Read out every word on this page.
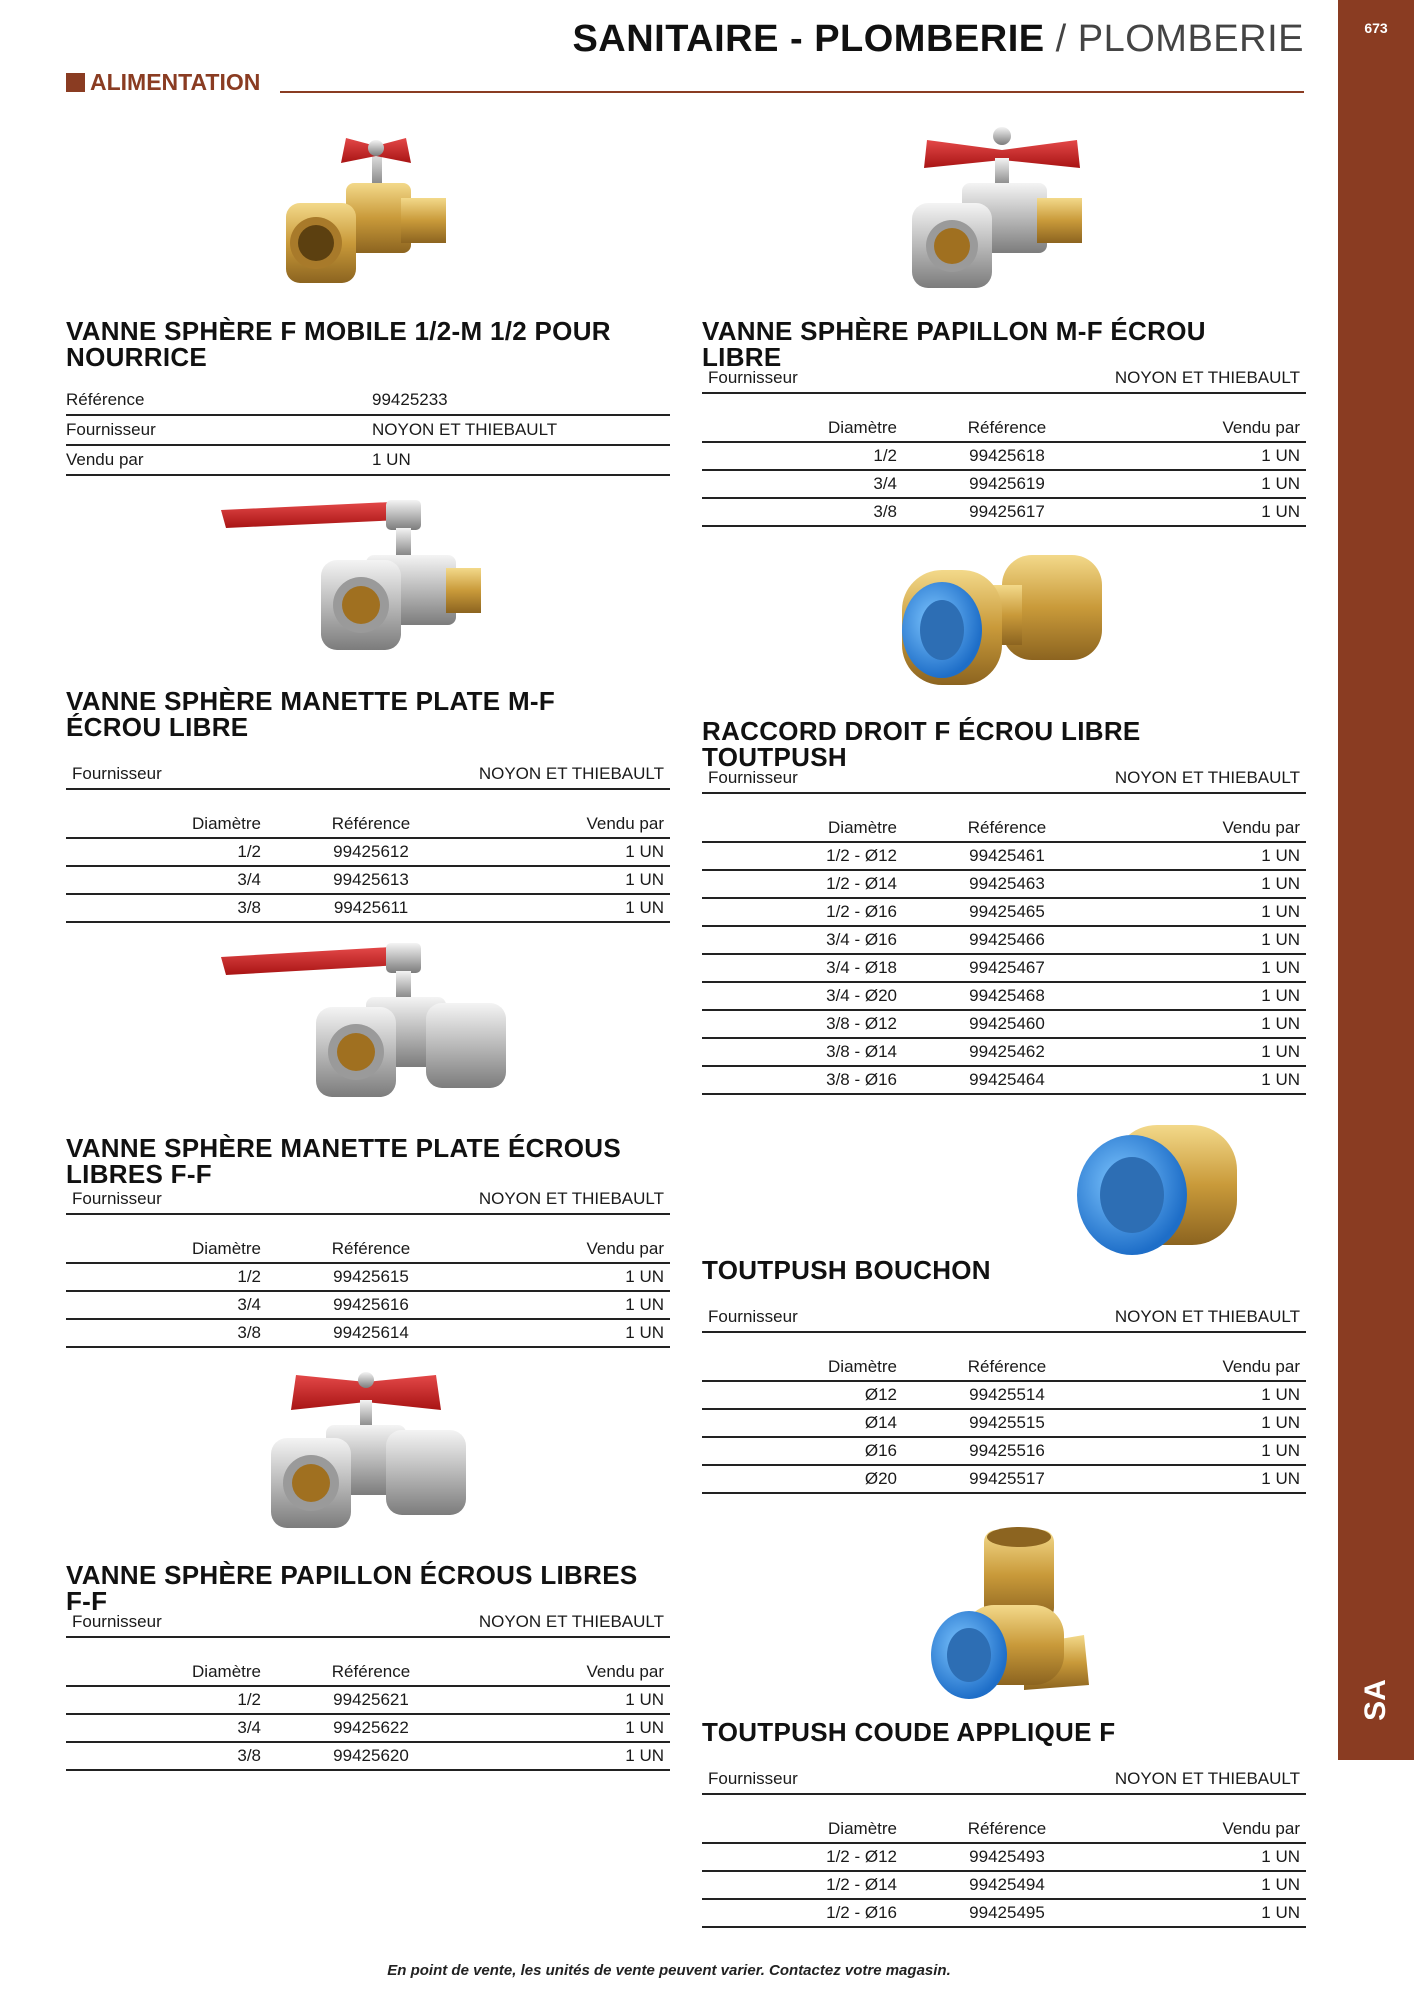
673
SA
SANITAIRE - PLOMBERIE / PLOMBERIE
ALIMENTATION
VANNE SPHÈRE F MOBILE 1/2-M 1/2 POUR NOURRICE
Référence	99425233
Fournisseur	NOYON ET THIEBAULT
Vendu par	1 UN
VANNE SPHÈRE MANETTE PLATE M-F ÉCROU LIBRE
Fournisseur	NOYON ET THIEBAULT
Diamètre	Référence	Vendu par
1/2	99425612	1 UN
3/4	99425613	1 UN
3/8	99425611	1 UN
VANNE SPHÈRE MANETTE PLATE ÉCROUS LIBRES F-F
Fournisseur	NOYON ET THIEBAULT
Diamètre	Référence	Vendu par
1/2	99425615	1 UN
3/4	99425616	1 UN
3/8	99425614	1 UN
VANNE SPHÈRE PAPILLON ÉCROUS LIBRES F-F
Fournisseur	NOYON ET THIEBAULT
Diamètre	Référence	Vendu par
1/2	99425621	1 UN
3/4	99425622	1 UN
3/8	99425620	1 UN
VANNE SPHÈRE PAPILLON M-F ÉCROU LIBRE
Fournisseur	NOYON ET THIEBAULT
Diamètre	Référence	Vendu par
1/2	99425618	1 UN
3/4	99425619	1 UN
3/8	99425617	1 UN
RACCORD DROIT F ÉCROU LIBRE TOUTPUSH
Fournisseur	NOYON ET THIEBAULT
Diamètre	Référence	Vendu par
1/2 - Ø12	99425461	1 UN
1/2 - Ø14	99425463	1 UN
1/2 - Ø16	99425465	1 UN
3/4 - Ø16	99425466	1 UN
3/4 - Ø18	99425467	1 UN
3/4 - Ø20	99425468	1 UN
3/8 - Ø12	99425460	1 UN
3/8 - Ø14	99425462	1 UN
3/8 - Ø16	99425464	1 UN
TOUTPUSH BOUCHON
Fournisseur	NOYON ET THIEBAULT
Diamètre	Référence	Vendu par
Ø12	99425514	1 UN
Ø14	99425515	1 UN
Ø16	99425516	1 UN
Ø20	99425517	1 UN
TOUTPUSH COUDE APPLIQUE F
Fournisseur	NOYON ET THIEBAULT
Diamètre	Référence	Vendu par
1/2 - Ø12	99425493	1 UN
1/2 - Ø14	99425494	1 UN
1/2 - Ø16	99425495	1 UN
En point de vente, les unités de vente peuvent varier. Contactez votre magasin.
